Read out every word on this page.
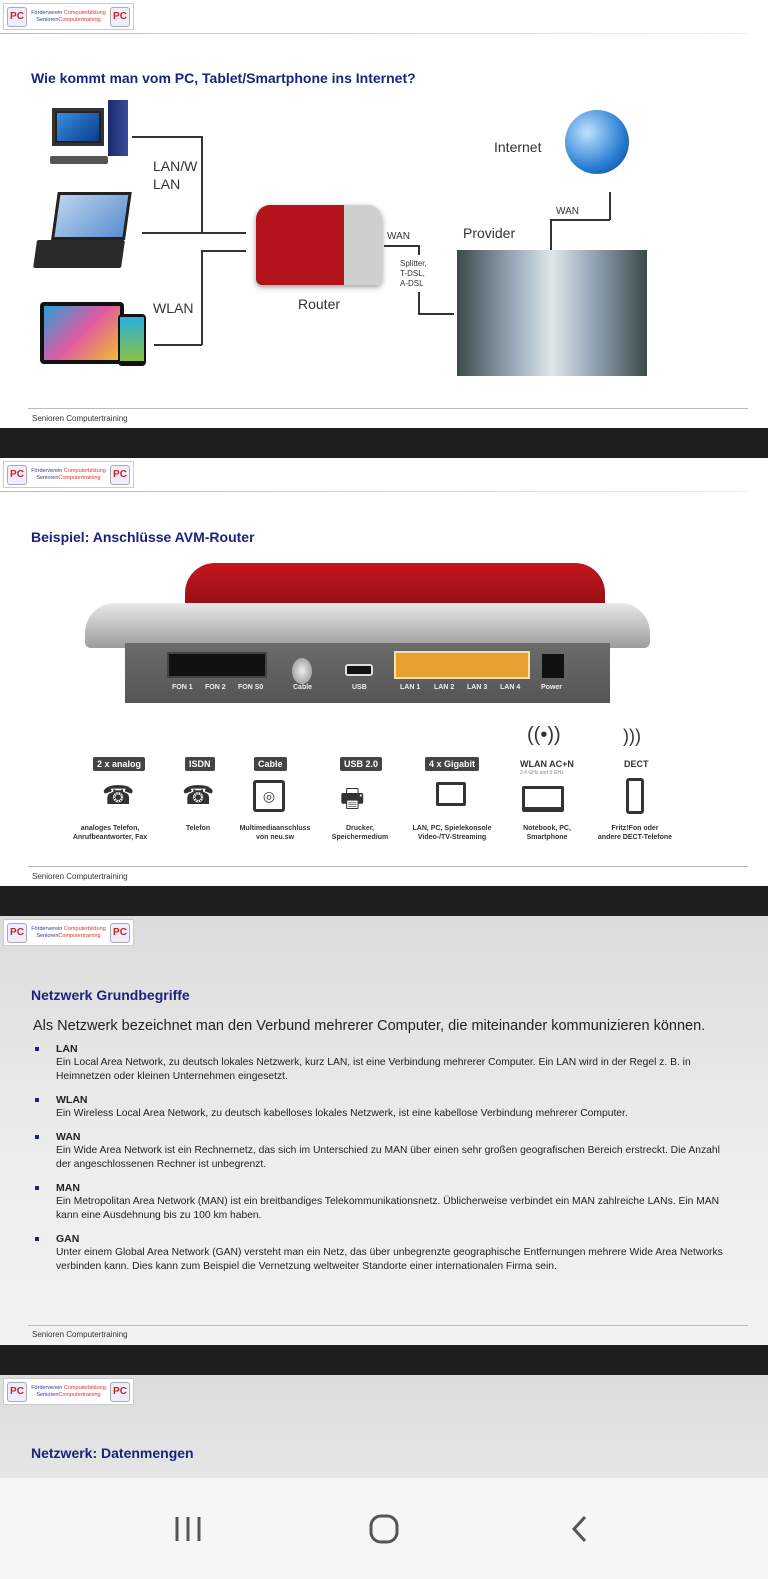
PC	Förderverein Computerbildung
SeniorenComputertraining	PC
Wie kommt man vom PC, Tablet/Smartphone ins Internet?
LAN/W
LAN
WLAN	Router
WAN
Splitter,
T-DSL,
A-DSL
Provider
WAN
Internet
Senioren Computertraining
PC	Förderverein Computerbildung
SeniorenComputertraining	PC
Beispiel: Anschlüsse AVM-Router
FON 1 FON 2 FON S0	Cable	USB	LAN 1 LAN 2 LAN 3 LAN 4	Power
2 x analog	ISDN	Cable	USB 2.0	4 x Gigabit	WLAN AC+N
2,4 GHz and 5 GHz
DECT
((•))	)))
☎ ☎	◎	🖶
analoges Telefon,
Anrufbeantworter, Fax
Telefon	Multimediaanschluss
von neu.sw
Drucker,
Speichermedium
LAN, PC, Spielekonsole
Video-/TV-Streaming
Notebook, PC,
Smartphone
Fritz!Fon oder
andere DECT-Telefone
Senioren Computertraining
PC	Förderverein Computerbildung
SeniorenComputertraining	PC
Netzwerk Grundbegriffe
Senioren Computertraining
Als Netzwerk bezeichnet man den Verbund mehrerer Computer, die miteinander kommunizieren können.
LAN
Ein Local Area Network, zu deutsch lokales Netzwerk, kurz LAN, ist eine Verbindung mehrerer Computer. Ein LAN wird in der Regel z. B. in Heimnetzen oder kleinen Unternehmen eingesetzt.
WLAN
Ein Wireless Local Area Network, zu deutsch kabelloses lokales Netzwerk, ist eine kabellose Verbindung mehrerer Computer.
WAN
Ein Wide Area Network ist ein Rechnernetz, das sich im Unterschied zu MAN über einen sehr großen geografischen Bereich erstreckt. Die Anzahl der angeschlossenen Rechner ist unbegrenzt.
MAN
Ein Metropolitan Area Network (MAN) ist ein breitbandiges Telekommunikationsnetz. Üblicherweise verbindet ein MAN zahlreiche LANs. Ein MAN kann eine Ausdehnung bis zu 100 km haben.
GAN
Unter einem Global Area Network (GAN) versteht man ein Netz, das über unbegrenzte geographische Entfernungen mehrere Wide Area Networks verbinden kann. Dies kann zum Beispiel die Vernetzung weltweiter Standorte einer internationalen Firma sein.
PC	Förderverein Computerbildung
SeniorenComputertraining	PC
Netzwerk: Datenmengen
